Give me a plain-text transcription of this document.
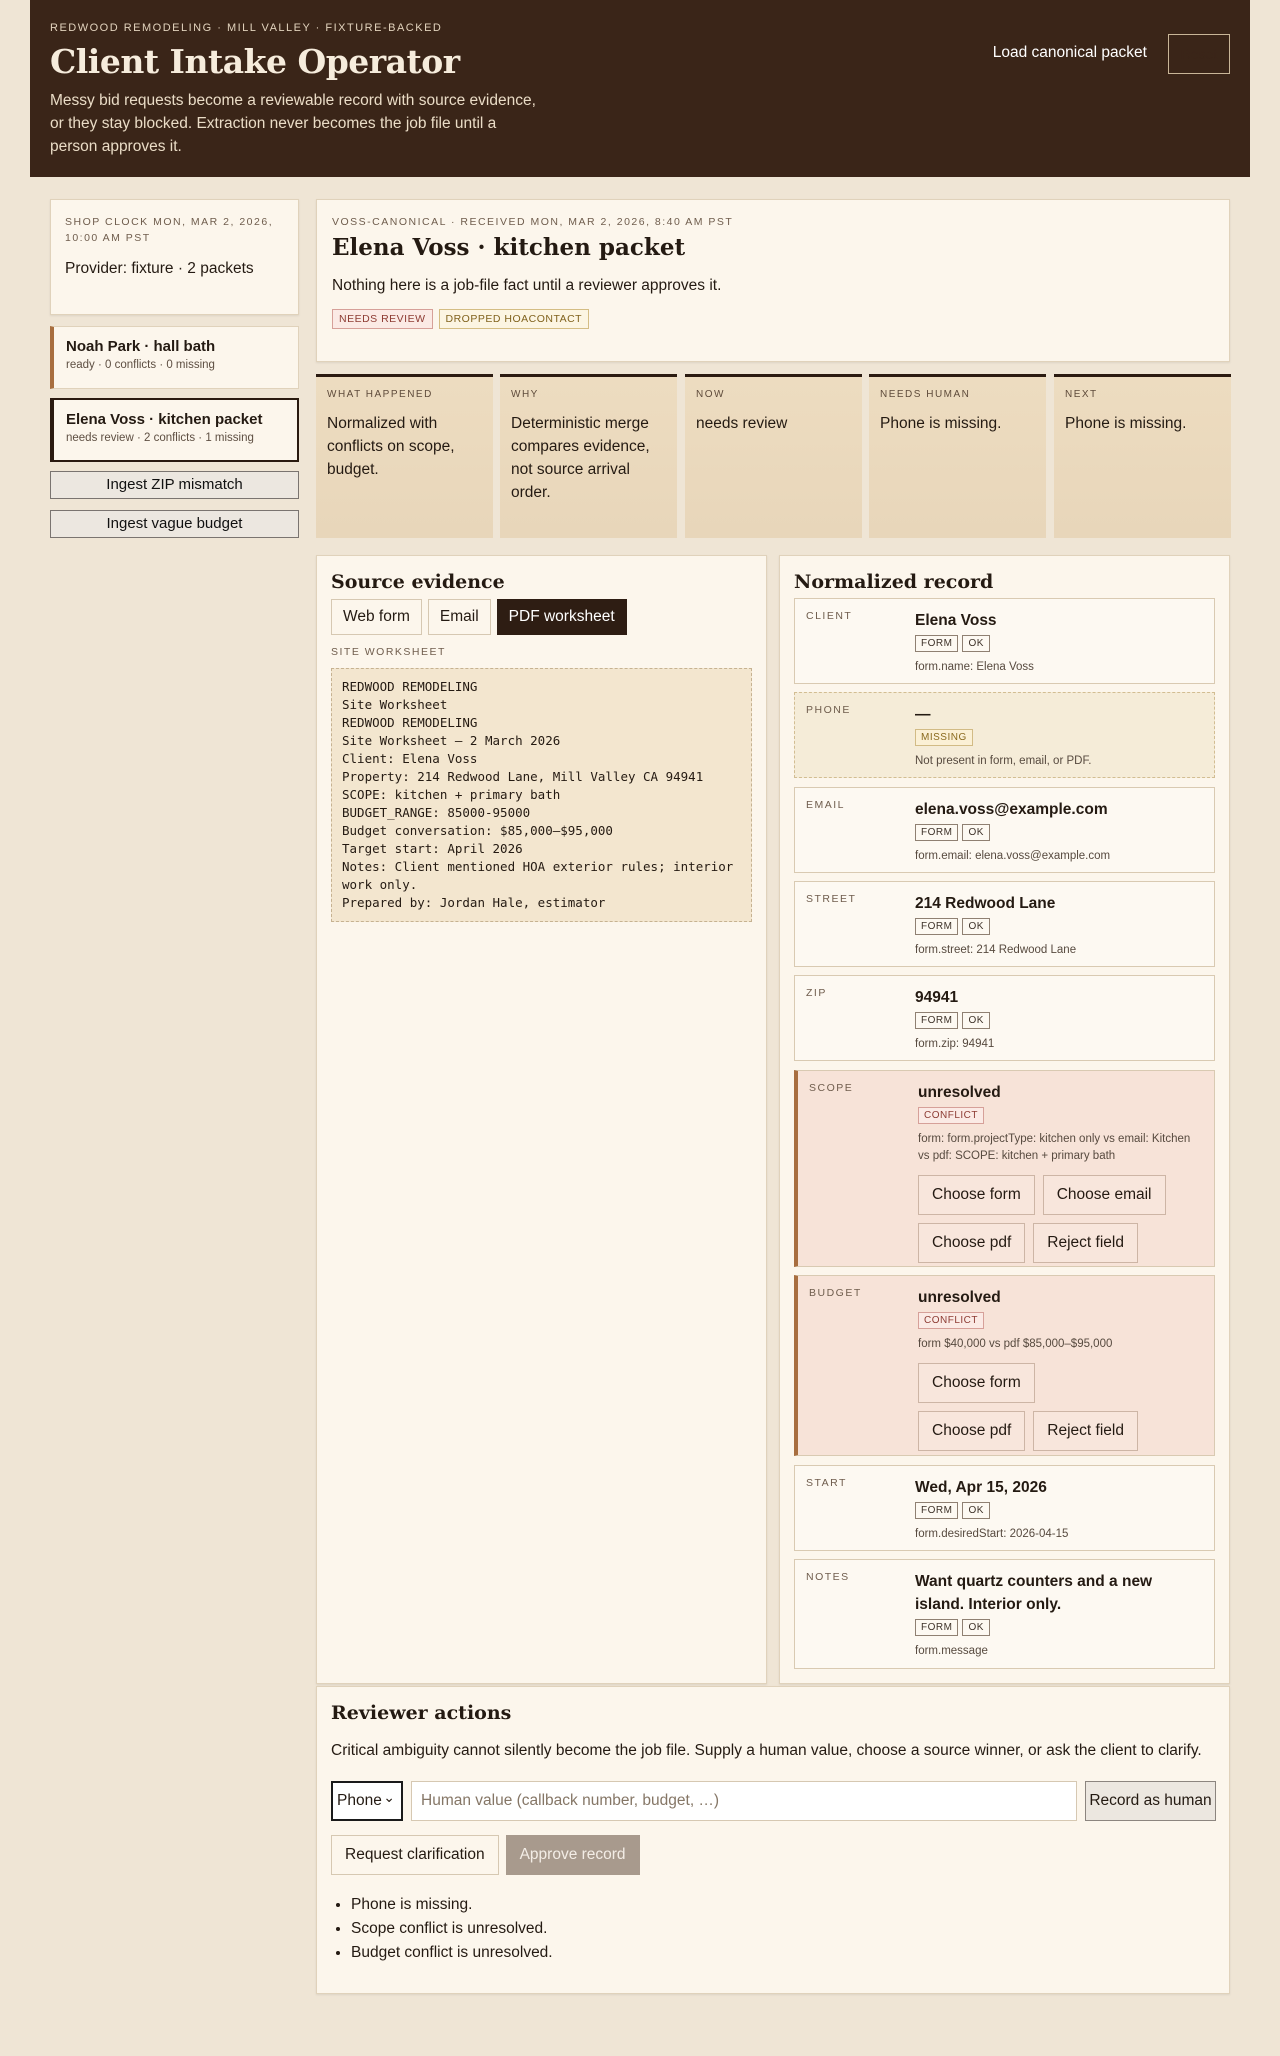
REDWOOD REMODELING · MILL VALLEY · FIXTURE-BACKED
Client Intake Operator
Messy bid requests become a reviewable record with source evidence, or they stay blocked. Extraction never becomes the job file until a person approves it.
Load canonical packet	Reset
SHOP CLOCK MON, MAR 2, 2026, 10:00 AM PST
Provider: fixture · 2 packets
Noah Park · hall bath
ready · 0 conflicts · 0 missing
Elena Voss · kitchen packet
needs review · 2 conflicts · 1 missing
Ingest ZIP mismatch
Ingest vague budget
VOSS-CANONICAL · RECEIVED MON, MAR 2, 2026, 8:40 AM PST
Elena Voss · kitchen packet
Nothing here is a job-file fact until a reviewer approves it.
NEEDS REVIEW	DROPPED HOACONTACT
WHAT HAPPENED
Normalized with conflicts on scope, budget.
WHY
Deterministic merge compares evidence, not source arrival order.
NOW
needs review
NEEDS HUMAN
Phone is missing.
NEXT
Phone is missing.
Source evidence
Web form	Email	PDF worksheet
SITE WORKSHEET
REDWOOD REMODELING
Site Worksheet
REDWOOD REMODELING
Site Worksheet — 2 March 2026
Client: Elena Voss
Property: 214 Redwood Lane, Mill Valley CA 94941
SCOPE: kitchen + primary bath
BUDGET_RANGE: 85000-95000
Budget conversation: $85,000–$95,000
Target start: April 2026
Notes: Client mentioned HOA exterior rules; interior work only.
Prepared by: Jordan Hale, estimator
Normalized record
CLIENT	Elena Voss
FORM	OK
form.name: Elena Voss
PHONE	—
MISSING
Not present in form, email, or PDF.
EMAIL	elena.voss@example.com
FORM	OK
form.email: elena.voss@example.com
STREET	214 Redwood Lane
FORM	OK
form.street: 214 Redwood Lane
ZIP	94941
FORM	OK
form.zip: 94941
SCOPE	unresolved
CONFLICT
form: form.projectType: kitchen only vs email: Kitchen vs pdf: SCOPE: kitchen + primary bath
Choose form	Choose email
Choose pdf	Reject field
BUDGET	unresolved
CONFLICT
form $40,000 vs pdf $85,000–$95,000
Choose form
Choose pdf	Reject field
START	Wed, Apr 15, 2026
FORM	OK
form.desiredStart: 2026-04-15
NOTES	Want quartz counters and a new island. Interior only.
FORM	OK
form.message
Reviewer actions
Critical ambiguity cannot silently become the job file. Supply a human value, choose a source winner, or ask the client to clarify.
Phone ⌄
Human value (callback number, budget, …)	Record as human
Request clarification	Approve record
• Phone is missing.
• Scope conflict is unresolved.
• Budget conflict is unresolved.
